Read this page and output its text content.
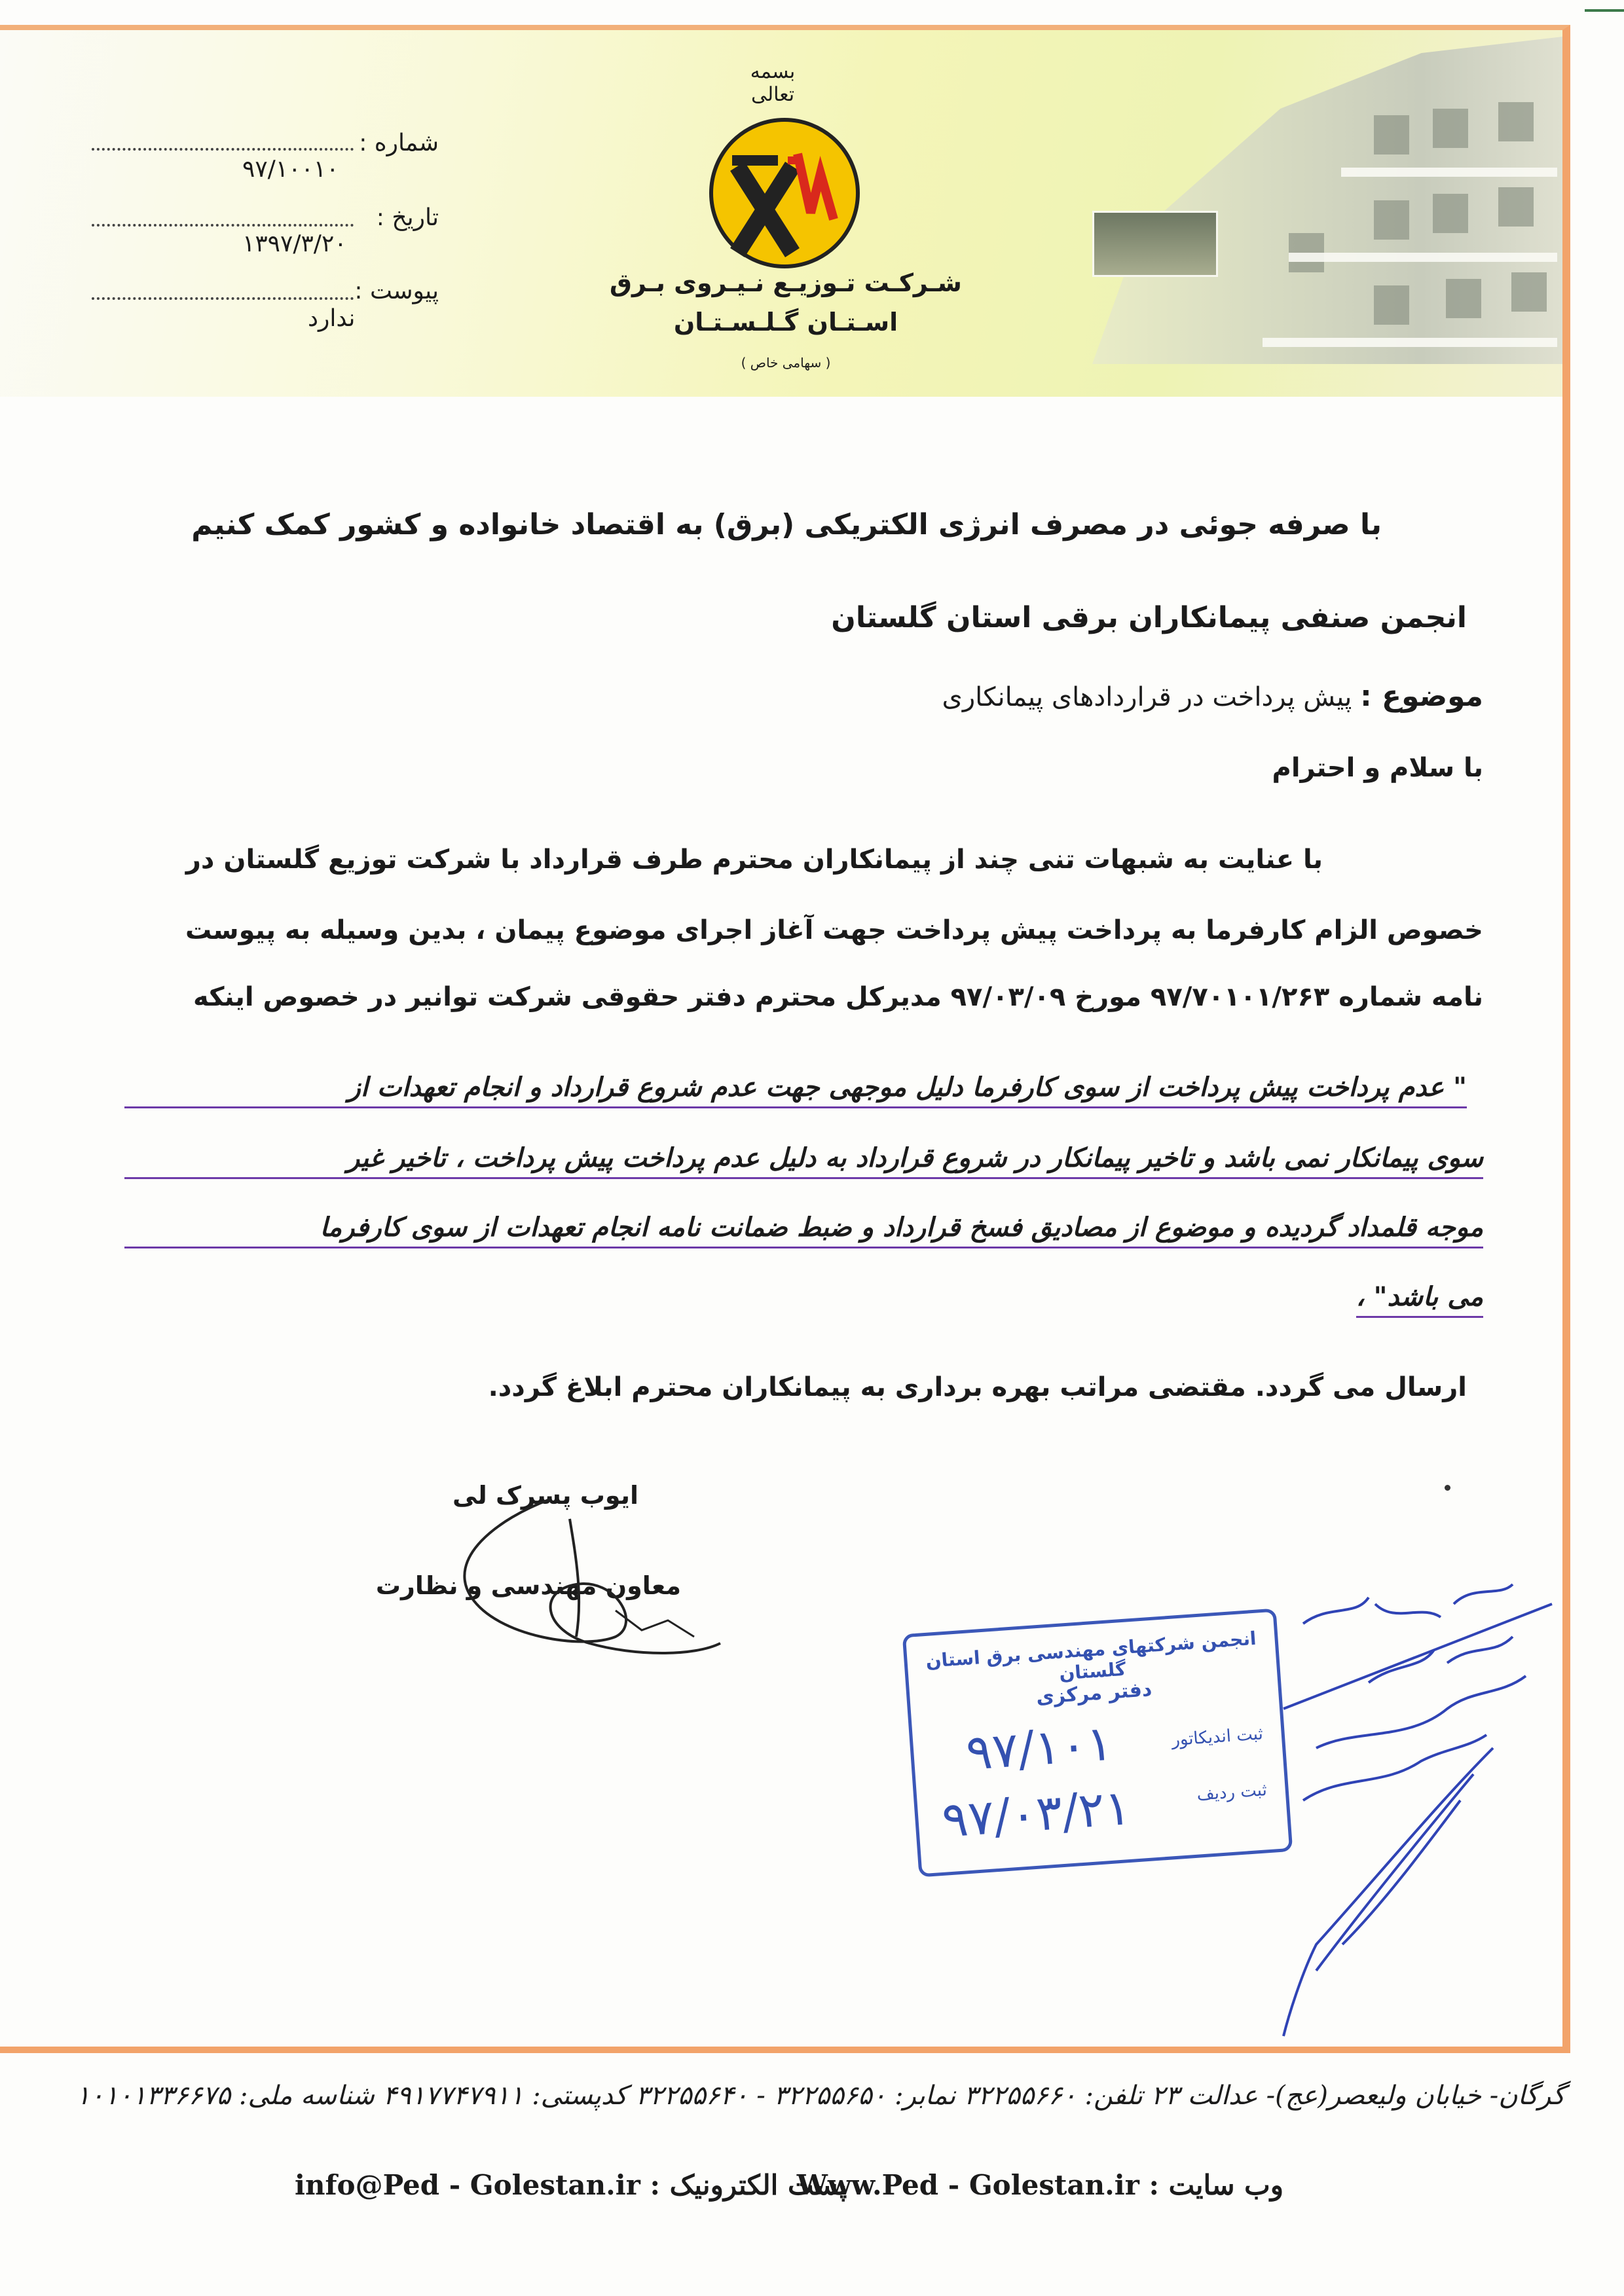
بسمه تعالی
شـرکـت تـوزیـع نـیـروی بـرق
اسـتـان گـلـسـتـان
( سهامی خاص )
شماره :
۹۷/۱۰۰۱۰
تاریخ :
۱۳۹۷/۳/۲۰
پیوست :
ندارد
با صرفه جوئی در مصرف انرژی الکتریکی (برق) به اقتصاد خانواده و کشور کمک کنیم
انجمن صنفی پیمانکاران برقی استان گلستان
موضوع : پیش پرداخت در قراردادهای پیمانکاری
با سلام و احترام
با عنایت به شبهات تنی چند از پیمانکاران محترم طرف قرارداد با شرکت توزیع گلستان در
خصوص الزام کارفرما به پرداخت پیش پرداخت جهت آغاز اجرای موضوع پیمان ، بدین وسیله به پیوست
نامه شماره ۹۷/۷۰۱۰۱/۲۶۳ مورخ ۹۷/۰۳/۰۹ مدیرکل محترم دفتر حقوقی شرکت توانیر در خصوص اینکه
" عدم پرداخت پیش پرداخت از سوی کارفرما دلیل موجهی جهت عدم شروع قرارداد و انجام تعهدات از
سوی پیمانکار نمی باشد و تاخیر پیمانکار در شروع قرارداد به دلیل عدم پرداخت پیش پرداخت ، تاخیر غیر
موجه قلمداد گردیده و موضوع از مصادیق فسخ قرارداد و ضبط ضمانت نامه انجام تعهدات از سوی کارفرما
می باشد" ،
ارسال می گردد. مقتضی مراتب بهره برداری به پیمانکاران محترم ابلاغ گردد.
ایوب پسرک لی
معاون مهندسی و نظارت
انجمن شرکتهای مهندسی برق استان گلستان
دفتر مرکزی
ثبت اندیکاتور
ثبت ردیف
۹۷/۱۰۱
۹۷/۰۳/۲۱
گرگان- خیابان ولیعصر(عج)- عدالت ۲۳ تلفن: ۳۲۲۵۵۶۶۰ نمابر: ۳۲۲۵۵۶۵۰ - ۳۲۲۵۵۶۴۰ کدپستی: ۴۹۱۷۷۴۷۹۱۱ شناسه ملی: ۱۰۱۰۱۳۳۶۶۷۵
وب سایت : Www.Ped - Golestan.ir
پست الکترونیک : info@Ped - Golestan.ir
